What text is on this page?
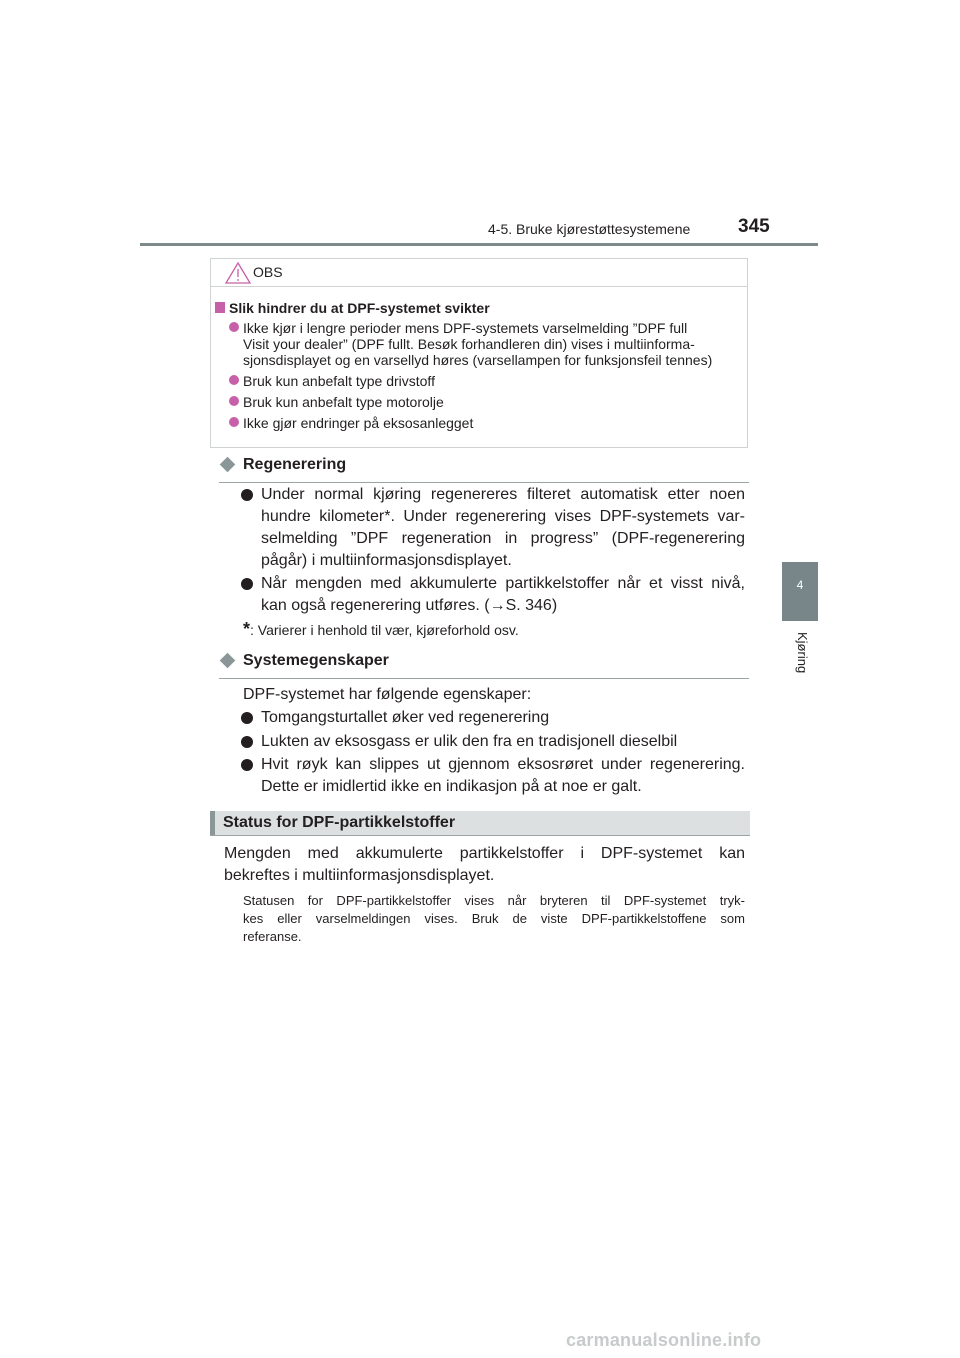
4-5. Bruke kjørestøttesystemene	345
4
Kjøring
OBS
Slik hindrer du at DPF-systemet svikter
Ikke kjør i lengre perioder mens DPF-systemets varselmelding ”DPF full
Visit your dealer” (DPF fullt. Besøk forhandleren din) vises i multiinforma-
sjonsdisplayet og en varsellyd høres (varsellampen for funksjonsfeil tennes)
Bruk kun anbefalt type drivstoff
Bruk kun anbefalt type motorolje
Ikke gjør endringer på eksosanlegget
Regenerering
Under normal kjøring regenereres filteret automatisk etter noen
hundre kilometer*. Under regenerering vises DPF-systemets var-
selmelding ”DPF regeneration in progress” (DPF-regenerering
pågår) i multiinformasjonsdisplayet.
Når mengden med akkumulerte partikkelstoffer når et visst nivå,
kan også regenerering utføres. (→S. 346)
*: Varierer i henhold til vær, kjøreforhold osv.
Systemegenskaper
DPF-systemet har følgende egenskaper:
Tomgangsturtallet øker ved regenerering
Lukten av eksosgass er ulik den fra en tradisjonell dieselbil
Hvit røyk kan slippes ut gjennom eksosrøret under regenerering.
Dette er imidlertid ikke en indikasjon på at noe er galt.
Status for DPF-partikkelstoffer
Mengden med akkumulerte partikkelstoffer i DPF-systemet kan
bekreftes i multiinformasjonsdisplayet.
Statusen for DPF-partikkelstoffer vises når bryteren til DPF-systemet tryk-
kes eller varselmeldingen vises. Bruk de viste DPF-partikkelstoffene som
referanse.
carmanualsonline.info
